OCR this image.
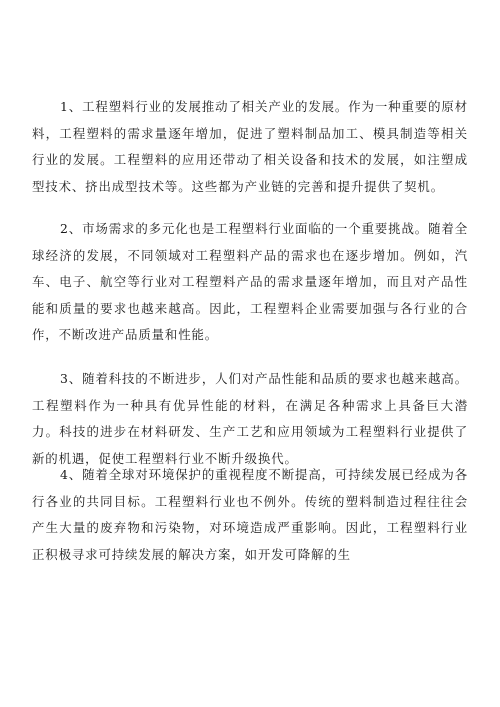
1、工程塑料行业的发展推动了相关产业的发展。作为一种重要的原材料，工程塑料的需求量逐年增加，促进了塑料制品加工、模具制造等相关行业的发展。工程塑料的应用还带动了相关设备和技术的发展，如注塑成型技术、挤出成型技术等。这些都为产业链的完善和提升提供了契机。

2、市场需求的多元化也是工程塑料行业面临的一个重要挑战。随着全球经济的发展，不同领域对工程塑料产品的需求也在逐步增加。例如，汽车、电子、航空等行业对工程塑料产品的需求量逐年增加，而且对产品性能和质量的要求也越来越高。因此，工程塑料企业需要加强与各行业的合作，不断改进产品质量和性能。

3、随着科技的不断进步，人们对产品性能和品质的要求也越来越高。工程塑料作为一种具有优异性能的材料，在满足各种需求上具备巨大潜力。科技的进步在材料研发、生产工艺和应用领域为工程塑料行业提供了新的机遇，促使工程塑料行业不断升级换代。

4、随着全球对环境保护的重视程度不断提高，可持续发展已经成为各行各业的共同目标。工程塑料行业也不例外。传统的塑料制造过程往往会产生大量的废弃物和污染物，对环境造成严重影响。因此，工程塑料行业正积极寻求可持续发展的解决方案，如开发可降解的生
